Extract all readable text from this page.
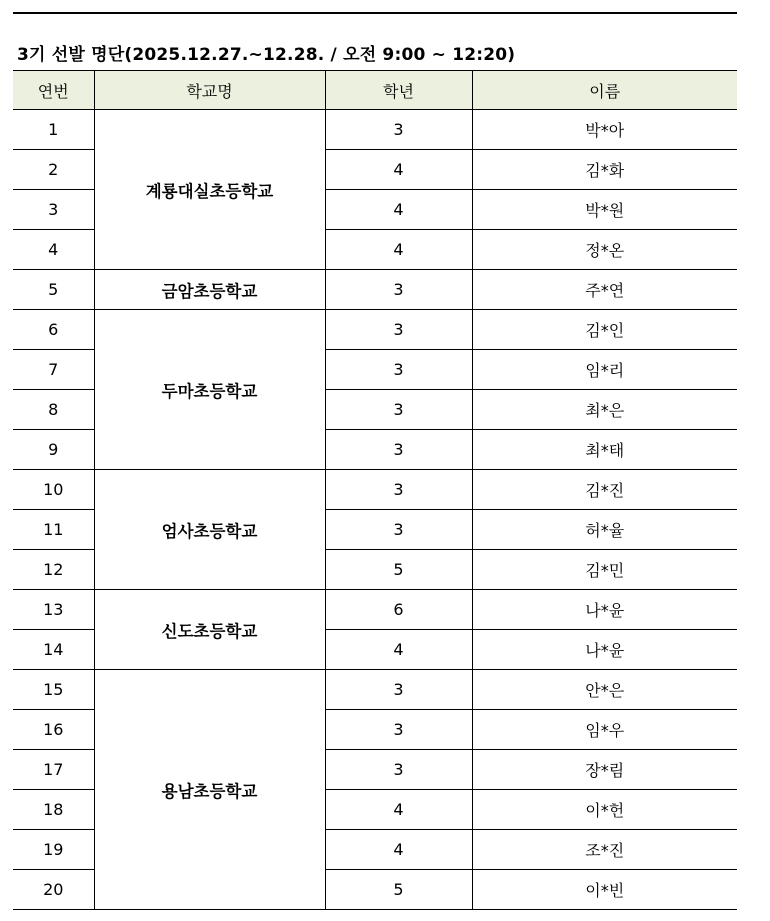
3기 선발 명단(2025.12.27.~12.28. / 오전 9:00 ~ 12:20)
연번	학교명	학년	이름
1	계룡대실초등학교	3	박*아
2		4	김*화
3		4	박*원
4		4	정*온
5	금암초등학교	3	주*연
6	두마초등학교	3	김*인
7		3	임*리
8		3	최*은
9		3	최*태
10	엄사초등학교	3	김*진
11		3	허*율
12		5	김*민
13	신도초등학교	6	나*윤
14		4	나*윤
15	용남초등학교	3	안*은
16		3	임*우
17		3	장*림
18		4	이*헌
19		4	조*진
20		5	이*빈
